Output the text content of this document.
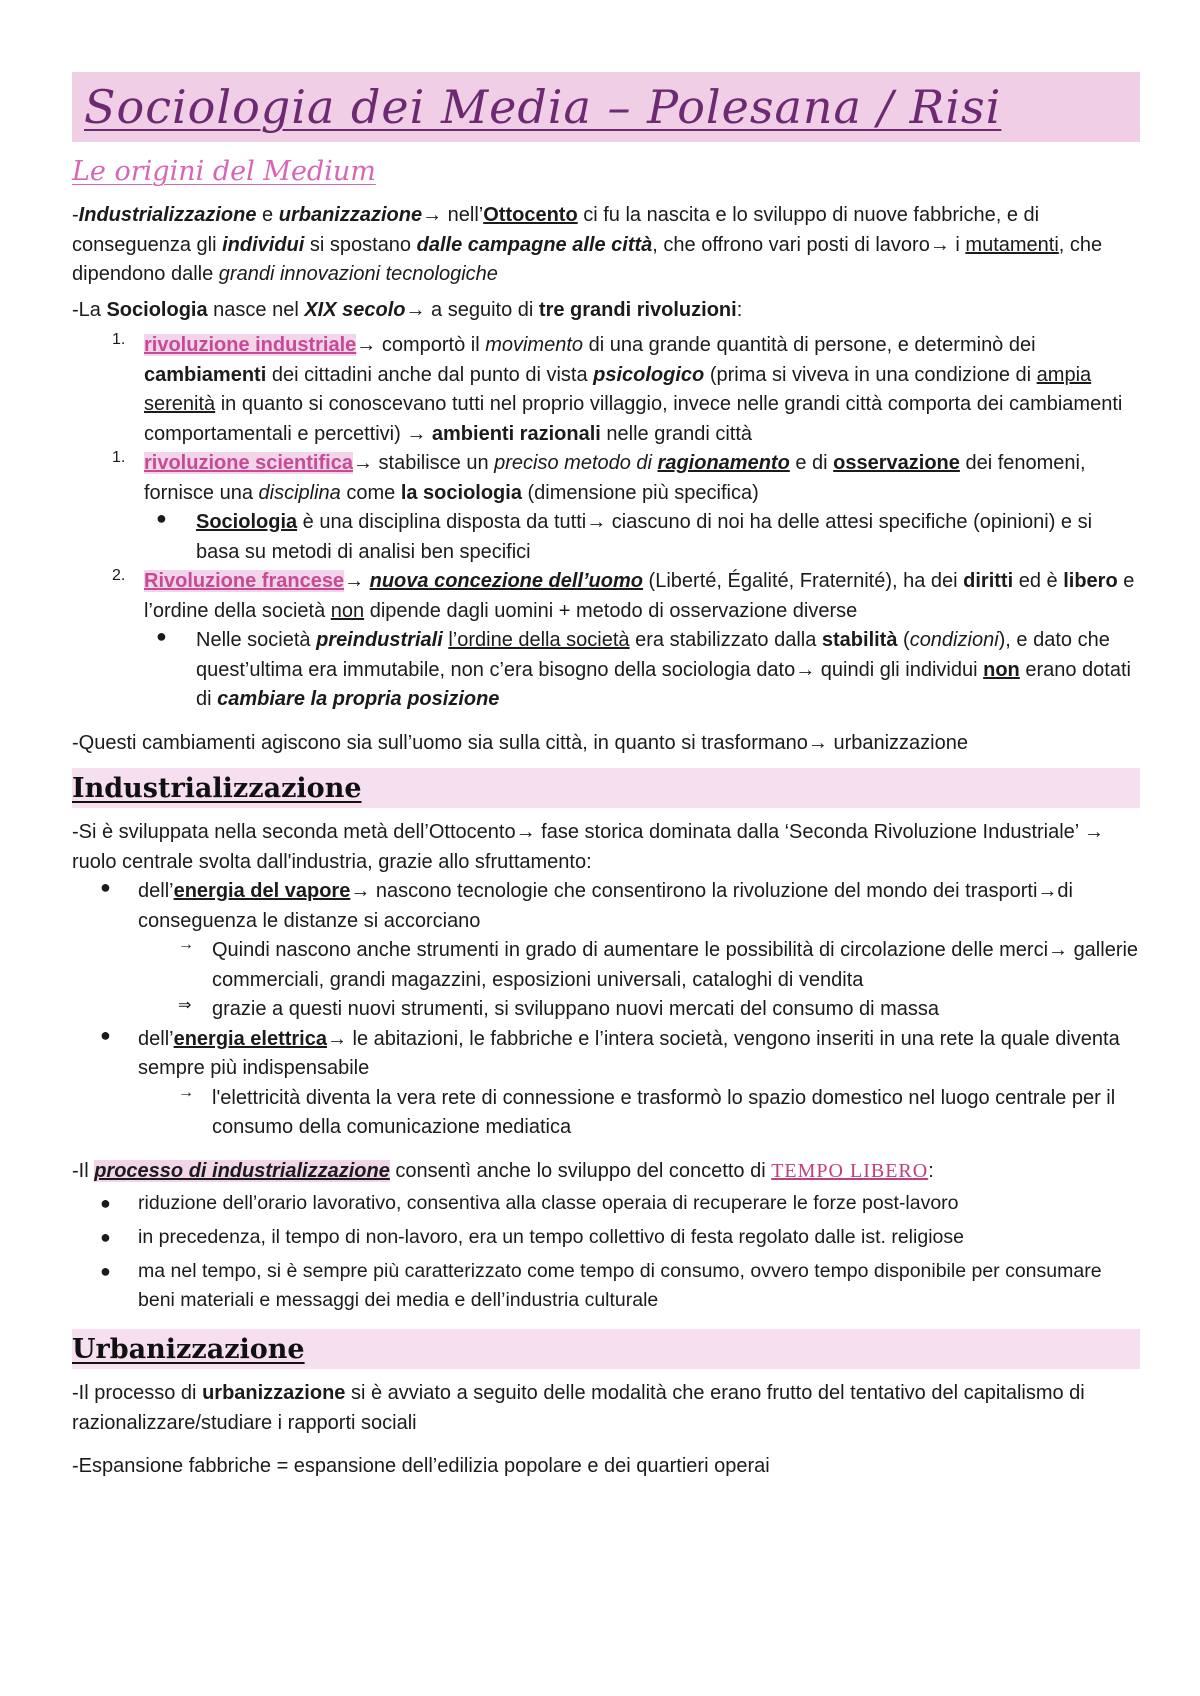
Sociologia dei Media – Polesana / Risi
Le origini del Medium

-Industrializzazione e urbanizzazione→ nell’Ottocento ci fu la nascita e lo sviluppo di nuove fabbriche, e di conseguenza gli individui si spostano dalle campagne alle città, che offrono vari posti di lavoro→ i mutamenti, che dipendono dalle grandi innovazioni tecnologiche

-La Sociologia nasce nel XIX secolo→ a seguito di tre grandi rivoluzioni:

1. rivoluzione industriale→ comportò il movimento di una grande quantità di persone, e determinò dei cambiamenti dei cittadini anche dal punto di vista psicologico (prima si viveva in una condizione di ampia serenità in quanto si conoscevano tutti nel proprio villaggio, invece nelle grandi città comporta dei cambiamenti comportamentali e percettivi) → ambienti razionali nelle grandi città

1. rivoluzione scientifica→ stabilisce un preciso metodo di ragionamento e di osservazione dei fenomeni, fornisce una disciplina come la sociologia (dimensione più specifica)

● Sociologia è una disciplina disposta da tutti→ ciascuno di noi ha delle attesi specifiche (opinioni) e si basa su metodi di analisi ben specifici

2. Rivoluzione francese→ nuova concezione dell’uomo (Liberté, Égalité, Fraternité), ha dei diritti ed è libero e l’ordine della società non dipende dagli uomini + metodo di osservazione diverse

● Nelle società preindustriali l’ordine della società era stabilizzato dalla stabilità (condizioni), e dato che quest’ultima era immutabile, non c’era bisogno della sociologia dato→ quindi gli individui non erano dotati di cambiare la propria posizione

-Questi cambiamenti agiscono sia sull’uomo sia sulla città, in quanto si trasformano→ urbanizzazione

Industrializzazione

-Si è sviluppata nella seconda metà dell’Ottocento→ fase storica dominata dalla ‘Seconda Rivoluzione Industriale’ → ruolo centrale svolta dall'industria, grazie allo sfruttamento:

● dell’energia del vapore→ nascono tecnologie che consentirono la rivoluzione del mondo dei trasporti→di conseguenza le distanze si accorciano

→ Quindi nascono anche strumenti in grado di aumentare le possibilità di circolazione delle merci→ gallerie commerciali, grandi magazzini, esposizioni universali, cataloghi di vendita

⇒ grazie a questi nuovi strumenti, si sviluppano nuovi mercati del consumo di massa

● dell’energia elettrica→ le abitazioni, le fabbriche e l’intera società, vengono inseriti in una rete la quale diventa sempre più indispensabile

→ l'elettricità diventa la vera rete di connessione e trasformò lo spazio domestico nel luogo centrale per il consumo della comunicazione mediatica

-Il processo di industrializzazione consentì anche lo sviluppo del concetto di TEMPO LIBERO:

● riduzione dell’orario lavorativo, consentiva alla classe operaia di recuperare le forze post-lavoro
● in precedenza, il tempo di non-lavoro, era un tempo collettivo di festa regolato dalle ist. religiose
● ma nel tempo, si è sempre più caratterizzato come tempo di consumo, ovvero tempo disponibile per consumare beni materiali e messaggi dei media e dell’industria culturale
Urbanizzazione

-Il processo di urbanizzazione si è avviato a seguito delle modalità che erano frutto del tentativo del capitalismo di razionalizzare/studiare i rapporti sociali

-Espansione fabbriche = espansione dell’edilizia popolare e dei quartieri operai
